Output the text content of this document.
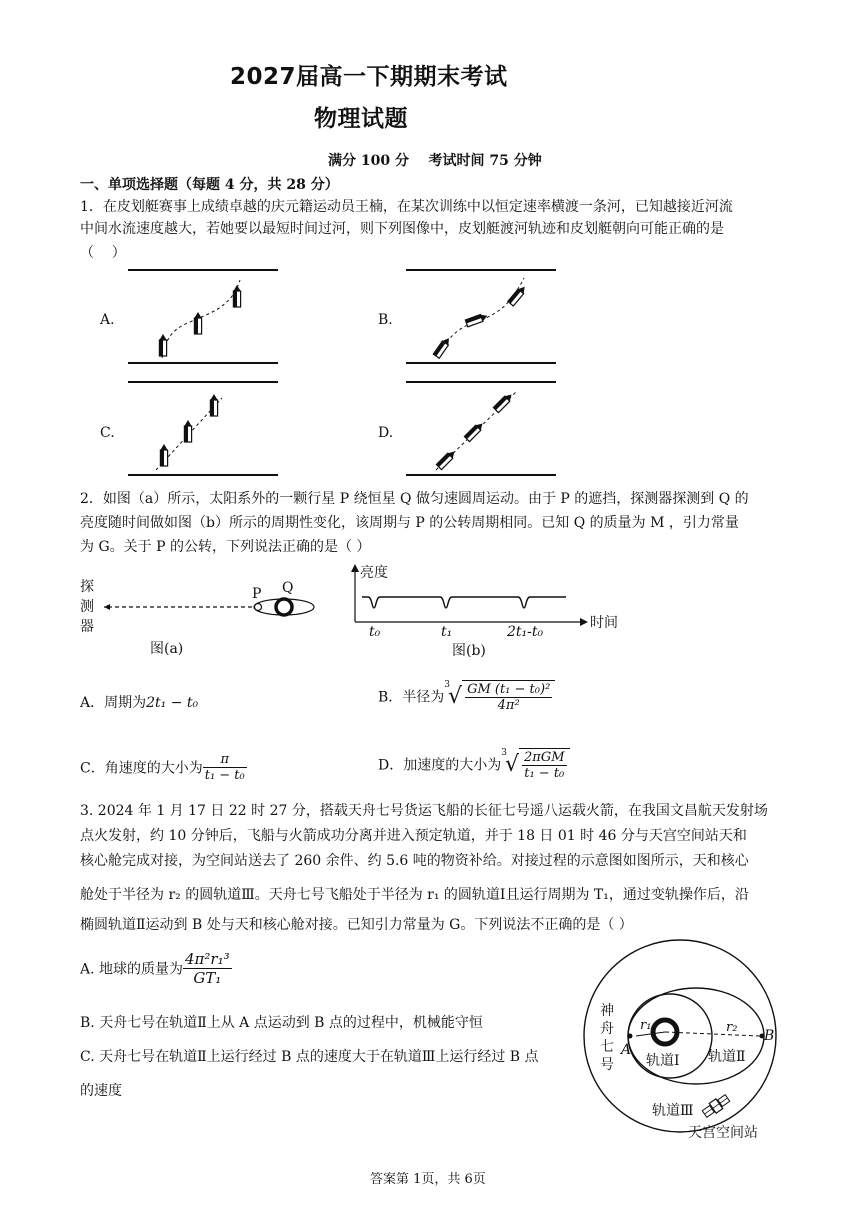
2027届高一下期期末考试
物理试题
满分 100 分    考试时间 75 分钟
一、单项选择题（每题 4 分，共 28 分）
1．在皮划艇赛事上成绩卓越的庆元籍运动员王楠，在某次训练中以恒定速率横渡一条河，已知越接近河流
中间水流速度越大，若她要以最短时间过河，则下列图像中，皮划艇渡河轨迹和皮划艇朝向可能正确的是
（    ）
A.	B.
C.	D.
2．如图（a）所示，太阳系外的一颗行星 P 绕恒星 Q 做匀速圆周运动。由于 P 的遮挡，探测器探测到 Q 的
亮度随时间做如图（b）所示的周期性变化，该周期与 P 的公转周期相同。已知 Q 的质量为 M ，引力常量
为 G。关于 P 的公转，下列说法正确的是（ ）
探
测
器
P Q
图(a)
亮度
时间
t₀	t₁	2t₁-t₀
图(b)
A．周期为2t₁ − t₀	B．半径为$^3√ \frac{\text{GM (t₁ − t₀)²}}{\text{4π²}}$
C．角速度的大小为 $\frac{\pi}{\text{t₁ − t₀}}$	D．加速度的大小为$^3√ \frac{\text{2πGM}}{\text{t₁ − t₀}}$
3. 2024 年 1 月 17 日 22 时 27 分，搭载天舟七号货运飞船的长征七号遥八运载火箭，在我国文昌航天发射场
点火发射，约 10 分钟后，飞船与火箭成功分离并进入预定轨道，并于 18 日 01 时 46 分与天宫空间站天和
核心舱完成对接，为空间站送去了 260 余件、约 5.6 吨的物资补给。对接过程的示意图如图所示，天和核心
舱处于半径为 r₂ 的圆轨道Ⅲ。天舟七号飞船处于半径为 r₁ 的圆轨道Ⅰ且运行周期为 T₁，通过变轨操作后，沿
椭圆轨道Ⅱ运动到 B 处与天和核心舱对接。已知引力常量为 G。下列说法不正确的是（ ）
A. 地球的质量为 $\frac{\text{4π²r₁³}}{\text{GT₁}}$
B. 天舟七号在轨道Ⅱ上从 A 点运动到 B 点的过程中，机械能守恒
C. 天舟七号在轨道Ⅱ上运行经过 B 点的速度大于在轨道Ⅲ上运行经过 B 点
的速度
神
舟
七
号
A
B
r₁	r₂
轨道Ⅰ 轨道Ⅱ
轨道Ⅲ
天宫空间站
答案第 1页，共 6页
